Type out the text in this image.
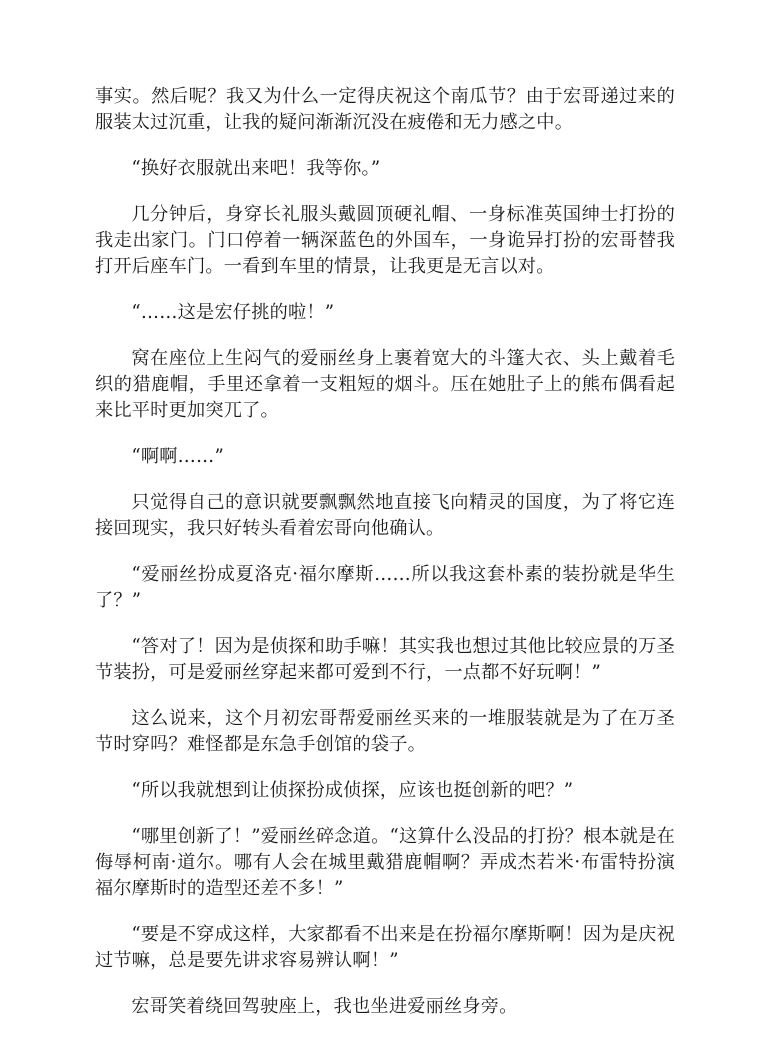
事实。然后呢？我又为什么一定得庆祝这个南瓜节？由于宏哥递过来的服装太过沉重，让我的疑问渐渐沉没在疲倦和无力感之中。

“换好衣服就出来吧！我等你。”

几分钟后，身穿长礼服头戴圆顶硬礼帽、一身标准英国绅士打扮的我走出家门。门口停着一辆深蓝色的外国车，一身诡异打扮的宏哥替我打开后座车门。一看到车里的情景，让我更是无言以对。

“……这是宏仔挑的啦！”

窝在座位上生闷气的爱丽丝身上裹着宽大的斗篷大衣、头上戴着毛织的猎鹿帽，手里还拿着一支粗短的烟斗。压在她肚子上的熊布偶看起来比平时更加突兀了。

“啊啊……”

只觉得自己的意识就要飘飘然地直接飞向精灵的国度，为了将它连接回现实，我只好转头看着宏哥向他确认。

“爱丽丝扮成夏洛克·福尔摩斯……所以我这套朴素的装扮就是华生了？”

“答对了！因为是侦探和助手嘛！其实我也想过其他比较应景的万圣节装扮，可是爱丽丝穿起来都可爱到不行，一点都不好玩啊！”

这么说来，这个月初宏哥帮爱丽丝买来的一堆服装就是为了在万圣节时穿吗？难怪都是东急手创馆的袋子。

“所以我就想到让侦探扮成侦探，应该也挺创新的吧？”

“哪里创新了！”爱丽丝碎念道。“这算什么没品的打扮？根本就是在侮辱柯南·道尔。哪有人会在城里戴猎鹿帽啊？弄成杰若米·布雷特扮演福尔摩斯时的造型还差不多！”

“要是不穿成这样，大家都看不出来是在扮福尔摩斯啊！因为是庆祝过节嘛，总是要先讲求容易辨认啊！”

宏哥笑着绕回驾驶座上，我也坐进爱丽丝身旁。
